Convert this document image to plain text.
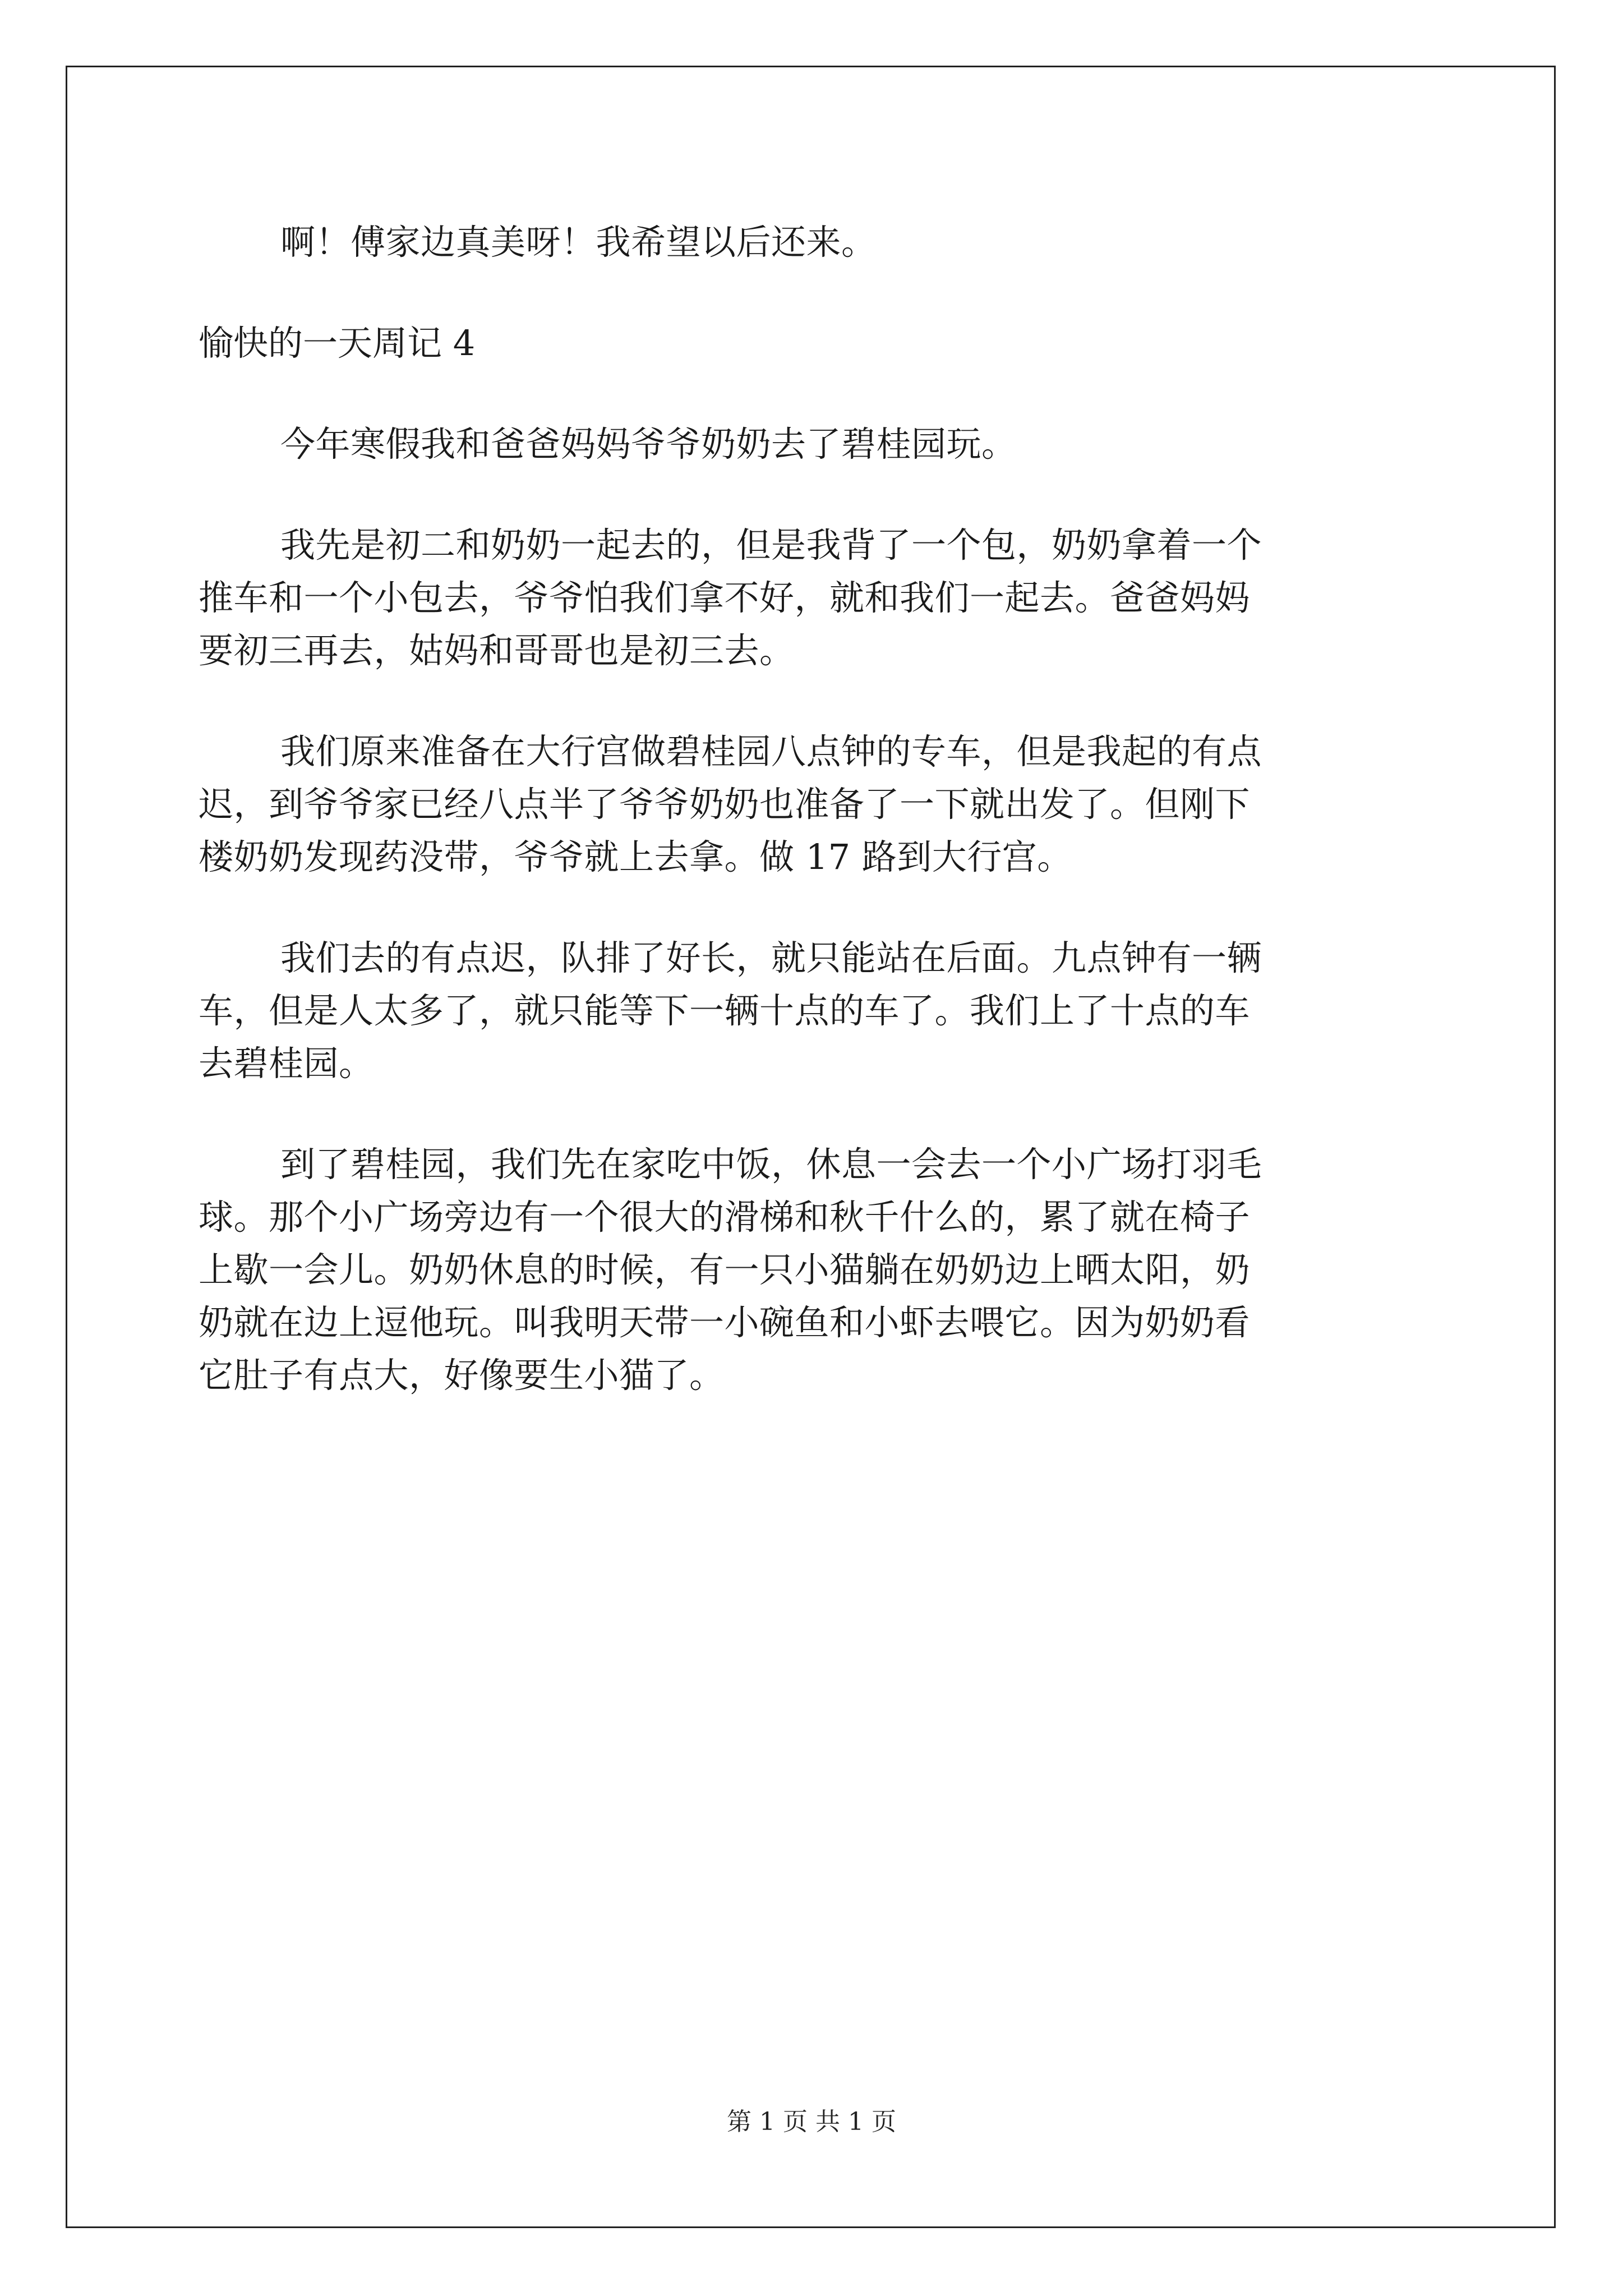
啊！傅家边真美呀！我希望以后还来。
愉快的一天周记 4
今年寒假我和爸爸妈妈爷爷奶奶去了碧桂园玩。
我先是初二和奶奶一起去的，但是我背了一个包，奶奶拿着一个
推车和一个小包去，爷爷怕我们拿不好，就和我们一起去。爸爸妈妈
要初三再去，姑妈和哥哥也是初三去。
我们原来准备在大行宫做碧桂园八点钟的专车，但是我起的有点
迟，到爷爷家已经八点半了爷爷奶奶也准备了一下就出发了。但刚下
楼奶奶发现药没带，爷爷就上去拿。做 17 路到大行宫。
我们去的有点迟，队排了好长，就只能站在后面。九点钟有一辆
车，但是人太多了，就只能等下一辆十点的车了。我们上了十点的车
去碧桂园。
到了碧桂园，我们先在家吃中饭，休息一会去一个小广场打羽毛
球。那个小广场旁边有一个很大的滑梯和秋千什么的，累了就在椅子
上歇一会儿。奶奶休息的时候，有一只小猫躺在奶奶边上晒太阳，奶
奶就在边上逗他玩。叫我明天带一小碗鱼和小虾去喂它。因为奶奶看
它肚子有点大，好像要生小猫了。
第 1 页 共 1 页
